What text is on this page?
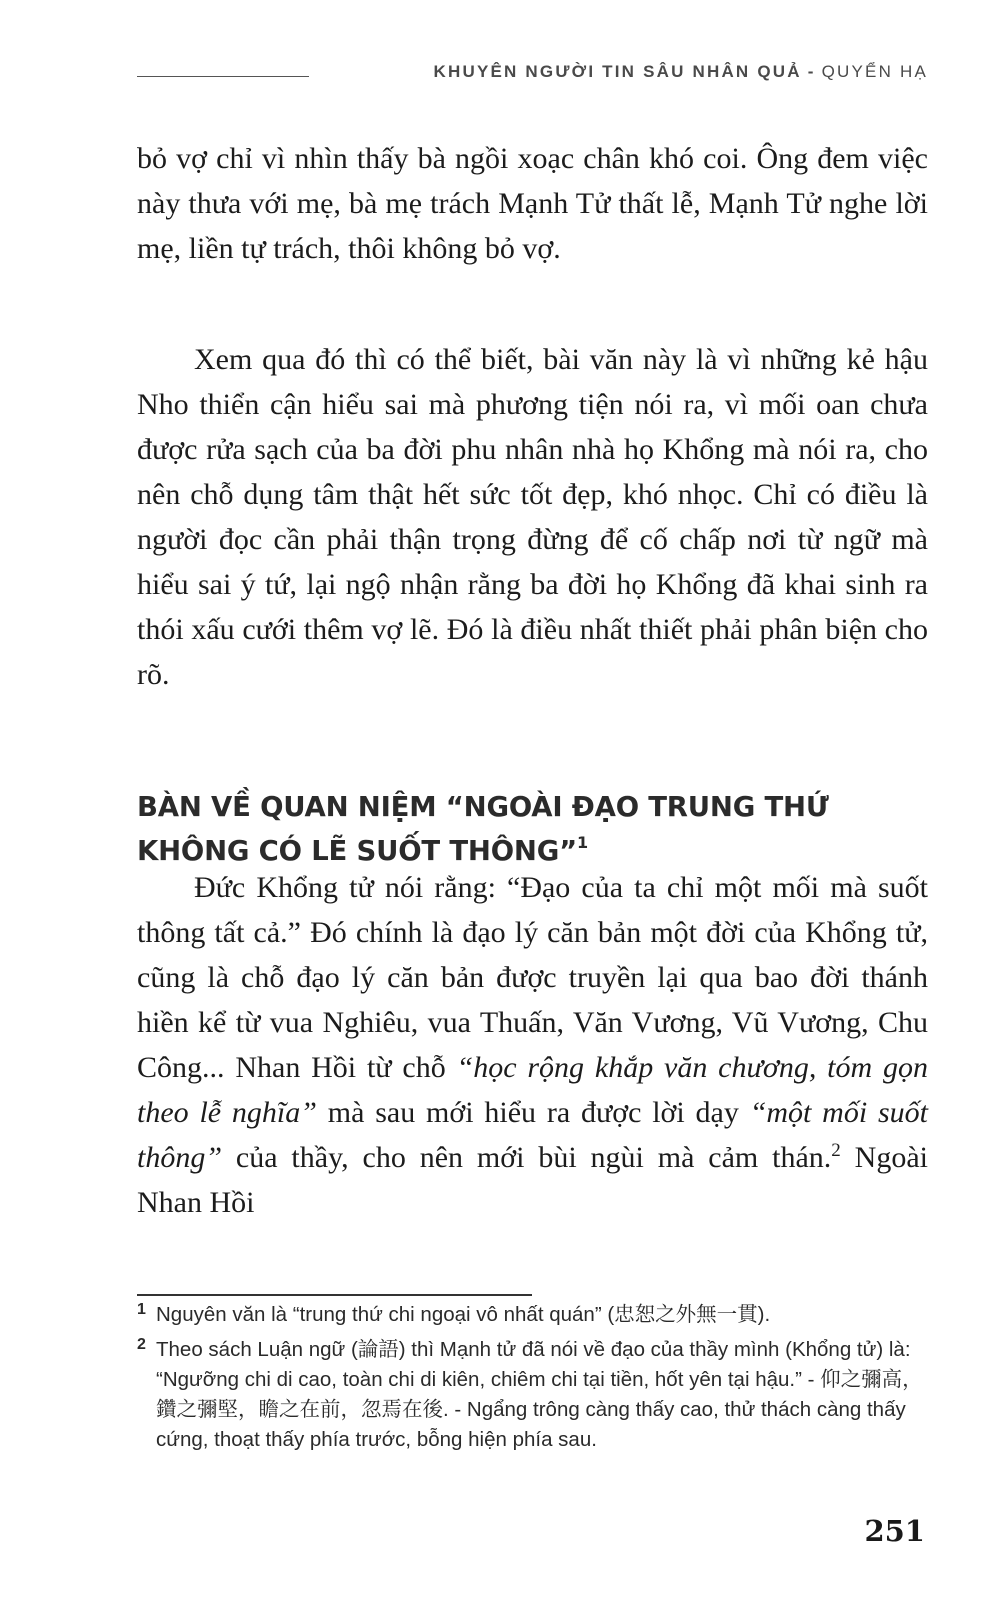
KHUYÊN NGƯỜI TIN SÂU NHÂN QUẢ - QUYỂN HẠ

bỏ vợ chỉ vì nhìn thấy bà ngồi xoạc chân khó coi. Ông đem việc này thưa với mẹ, bà mẹ trách Mạnh Tử thất lễ, Mạnh Tử nghe lời mẹ, liền tự trách, thôi không bỏ vợ.

Xem qua đó thì có thể biết, bài văn này là vì những kẻ hậu Nho thiển cận hiểu sai mà phương tiện nói ra, vì mối oan chưa được rửa sạch của ba đời phu nhân nhà họ Khổng mà nói ra, cho nên chỗ dụng tâm thật hết sức tốt đẹp, khó nhọc. Chỉ có điều là người đọc cần phải thận trọng đừng để cố chấp nơi từ ngữ mà hiểu sai ý tứ, lại ngộ nhận rằng ba đời họ Khổng đã khai sinh ra thói xấu cưới thêm vợ lẽ. Đó là điều nhất thiết phải phân biện cho rõ.

BÀN VỀ QUAN NIỆM “NGOÀI ĐẠO TRUNG THỨ KHÔNG CÓ LẼ SUỐT THÔNG”$^1$

Đức Khổng tử nói rằng: “Đạo của ta chỉ một mối mà suốt thông tất cả.” Đó chính là đạo lý căn bản một đời của Khổng tử, cũng là chỗ đạo lý căn bản được truyền lại qua bao đời thánh hiền kể từ vua Nghiêu, vua Thuấn, Văn Vương, Vũ Vương, Chu Công... Nhan Hồi từ chỗ “học rộng khắp văn chương, tóm gọn theo lễ nghĩa” mà sau mới hiểu ra được lời dạy “một mối suốt thông” của thầy, cho nên mới bùi ngùi mà cảm thán.$^2$ Ngoài Nhan Hồi

1 Nguyên văn là “trung thứ chi ngoại vô nhất quán” (忠恕之外無一貫).

2 Theo sách Luận ngữ (論語) thì Mạnh tử đã nói về đạo của thầy mình (Khổng tử) là: “Ngưỡng chi di cao, toàn chi di kiên, chiêm chi tại tiền, hốt yên tại hậu.” - 仰之彌高，鑽之彌堅，瞻之在前，忽焉在後. - Ngẩng trông càng thấy cao, thử thách càng thấy cứng, thoạt thấy phía trước, bỗng hiện phía sau.

251
